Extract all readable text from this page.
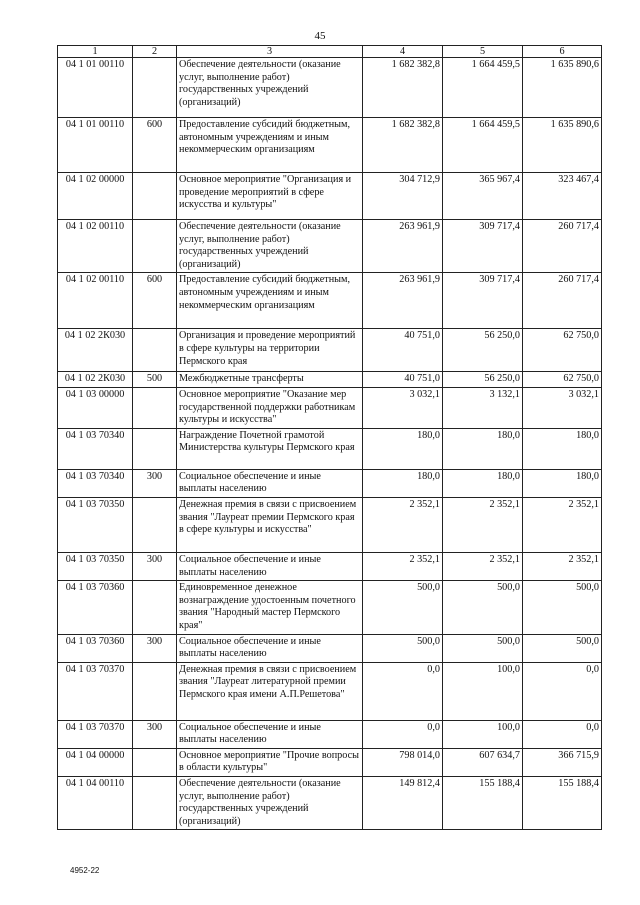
45
1	2	3	4	5	6
04 1 01 00110		Обеспечение деятельности (оказание услуг, выполнение работ) государственных учреждений (организаций)	1 682 382,8	1 664 459,5	1 635 890,6
04 1 01 00110	600	Предоставление субсидий бюджетным, автономным учреждениям и иным некоммерческим организациям	1 682 382,8	1 664 459,5	1 635 890,6
04 1 02 00000		Основное мероприятие "Организация и проведение мероприятий в сфере искусства и культуры"	304 712,9	365 967,4	323 467,4
04 1 02 00110		Обеспечение деятельности (оказание услуг, выполнение работ) государственных учреждений (организаций)	263 961,9	309 717,4	260 717,4
04 1 02 00110	600	Предоставление субсидий бюджетным, автономным учреждениям и иным некоммерческим организациям	263 961,9	309 717,4	260 717,4
04 1 02 2К030		Организация и проведение мероприятий в сфере культуры на территории Пермского края	40 751,0	56 250,0	62 750,0
04 1 02 2К030	500	Межбюджетные трансферты	40 751,0	56 250,0	62 750,0
04 1 03 00000		Основное мероприятие "Оказание мер государственной поддержки работникам культуры и искусства"	3 032,1	3 132,1	3 032,1
04 1 03 70340		Награждение Почетной грамотой Министерства культуры Пермского края	180,0	180,0	180,0
04 1 03 70340	300	Социальное обеспечение и иные выплаты населению	180,0	180,0	180,0
04 1 03 70350		Денежная премия в связи с присвоением звания "Лауреат премии Пермского края в сфере культуры и искусства"	2 352,1	2 352,1	2 352,1
04 1 03 70350	300	Социальное обеспечение и иные выплаты населению	2 352,1	2 352,1	2 352,1
04 1 03 70360		Единовременное денежное вознаграждение удостоенным почетного звания "Народный мастер Пермского края"	500,0	500,0	500,0
04 1 03 70360	300	Социальное обеспечение и иные выплаты населению	500,0	500,0	500,0
04 1 03 70370		Денежная премия в связи с присвоением звания "Лауреат литературной премии Пермского края имени А.П.Решетова"	0,0	100,0	0,0
04 1 03 70370	300	Социальное обеспечение и иные выплаты населению	0,0	100,0	0,0
04 1 04 00000		Основное мероприятие "Прочие вопросы в области культуры"	798 014,0	607 634,7	366 715,9
04 1 04 00110		Обеспечение деятельности (оказание услуг, выполнение работ) государственных учреждений (организаций)	149 812,4	155 188,4	155 188,4
4952-22
